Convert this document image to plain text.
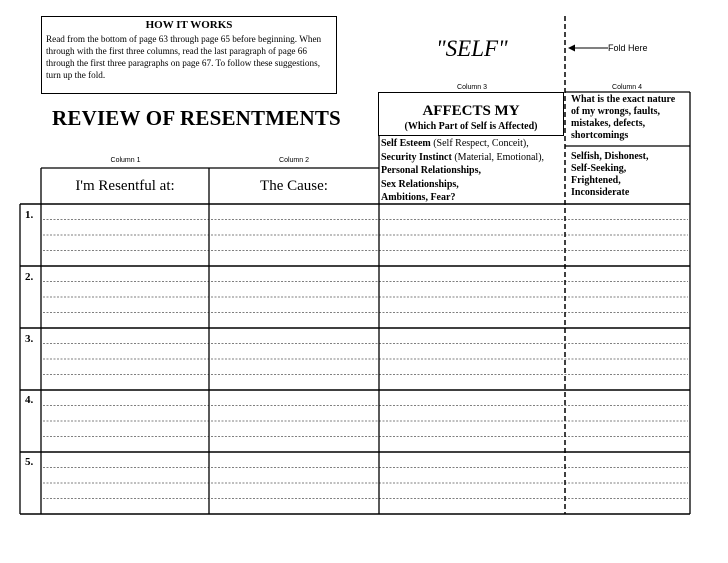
HOW IT WORKS
Read from the bottom of page 63 through page 65 before beginning. When through with the first three columns, read the last paragraph of page 66 through the first three paragraphs on page 67. To follow these suggestions, turn up the fold.
"SELF"	Fold Here
REVIEW OF RESENTMENTS
Column 3	Column 4
AFFECTS MY
(Which Part of Self is Affected)
Self Esteem (Self Respect, Conceit),
Security Instinct (Material, Emotional),
Personal Relationships,
Sex Relationships,
Ambitions, Fear?
What is the exact nature
of my wrongs, faults,
mistakes, defects,
shortcomings
Selfish, Dishonest,
Self-Seeking,
Frightened,
Inconsiderate
Column 1	Column 2
I'm Resentful at:	The Cause:
1.
2.
3.
4.
5.
